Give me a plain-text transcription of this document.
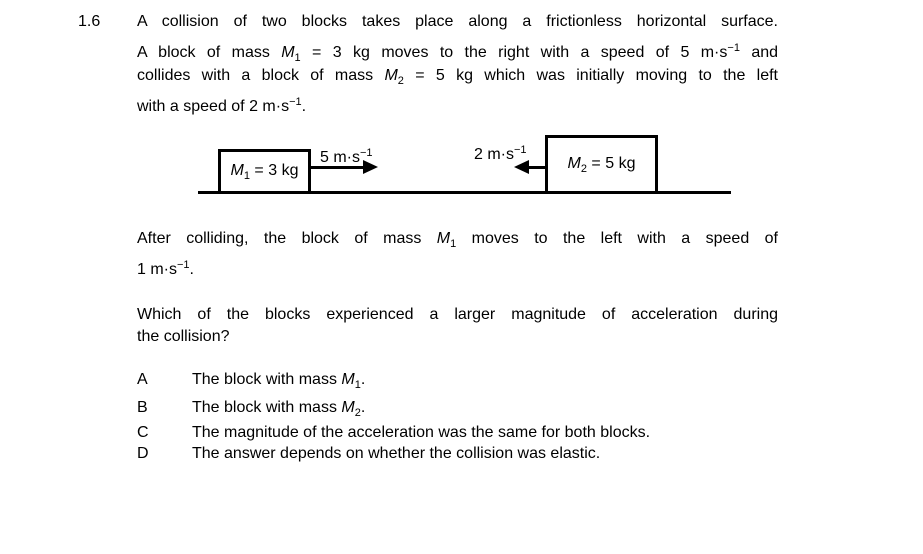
1.6 A collision of two blocks takes place along a frictionless horizontal surface.
A block of mass $M_1 = 3$ kg moves to the right with a speed of 5 $m\cdot s^{-1}$ and
collides with a block of mass $M_2 = 5$ kg which was initially moving to the left
with a speed of 2 $m\cdot s^{-1}$.
$M_1 = 3$ kg
5 $m\cdot s^{-1}$
$M_2 = 5$ kg
2 $m\cdot s^{-1}$
After colliding, the block of mass $M_1$ moves to the left with a speed of
1 $m\cdot s^{-1}$.
Which of the blocks experienced a larger magnitude of acceleration during
the collision?
A	The block with mass $M_1$.
B	The block with mass $M_2$.
C	The magnitude of the acceleration was the same for both blocks.
D	The answer depends on whether the collision was elastic.
